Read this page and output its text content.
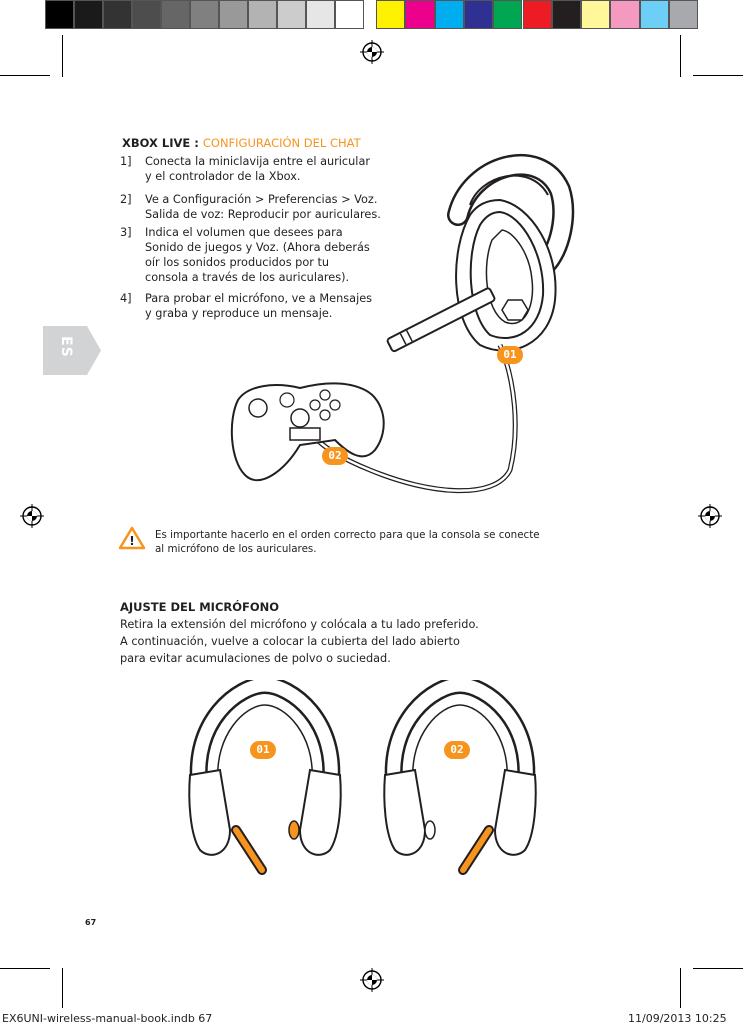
ES
XBOX LIVE : CONFIGURACIÓN DEL CHAT
1] Conecta la miniclavija entre el auricular
y el controlador de la Xbox.
2] Ve a Configuración > Preferencias > Voz.
Salida de voz: Reproducir por auriculares.
3] Indica el volumen que desees para
Sonido de juegos y Voz. (Ahora deberás
oír los sonidos producidos por tu
consola a través de los auriculares).
4] Para probar el micrófono, ve a Mensajes
y graba y reproduce un mensaje.
01
02
! Es importante hacerlo en el orden correcto para que la consola se conecte
al micrófono de los auriculares.
AJUSTE DEL MICRÓFONO
Retira la extensión del micrófono y colócala a tu lado preferido.
A continuación, vuelve a colocar la cubierta del lado abierto
para evitar acumulaciones de polvo o suciedad.
01	02
67
EX6UNI-wireless-manual-book.indb 67	11/09/2013 10:25
